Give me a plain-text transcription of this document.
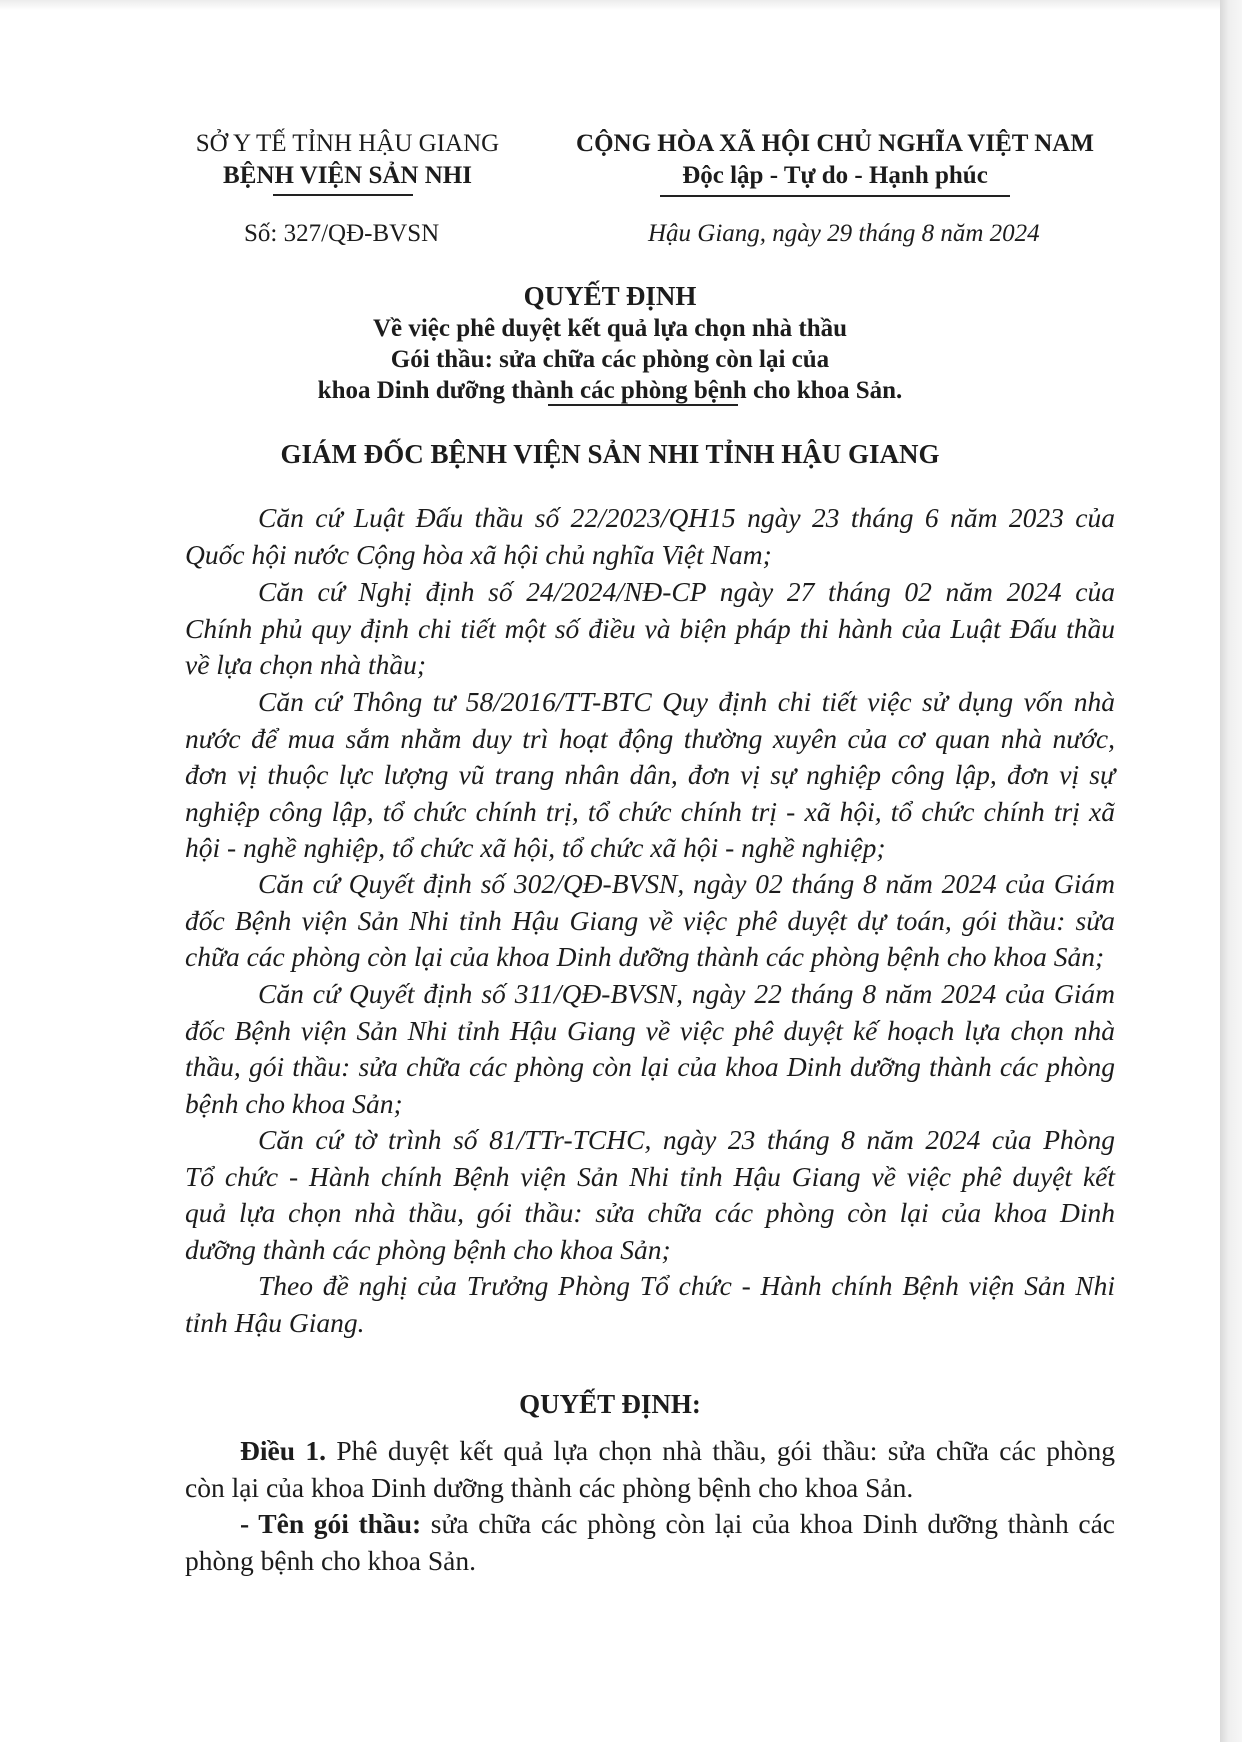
SỞ Y TẾ TỈNH HẬU GIANG
BỆNH VIỆN SẢN NHI
CỘNG HÒA XÃ HỘI CHỦ NGHĨA VIỆT NAM
Độc lập - Tự do - Hạnh phúc
Số: 327/QĐ-BVSN	Hậu Giang, ngày 29 tháng 8 năm 2024
QUYẾT ĐỊNH
Về việc phê duyệt kết quả lựa chọn nhà thầu
Gói thầu: sửa chữa các phòng còn lại của
khoa Dinh dưỡng thành các phòng bệnh cho khoa Sản.
GIÁM ĐỐC BỆNH VIỆN SẢN NHI TỈNH HẬU GIANG
Căn cứ Luật Đấu thầu số 22/2023/QH15 ngày 23 tháng 6 năm 2023 của
Quốc hội nước Cộng hòa xã hội chủ nghĩa Việt Nam;
Căn cứ Nghị định số 24/2024/NĐ-CP ngày 27 tháng 02 năm 2024 của
Chính phủ quy định chi tiết một số điều và biện pháp thi hành của Luật Đấu thầu
về lựa chọn nhà thầu;
Căn cứ Thông tư 58/2016/TT-BTC Quy định chi tiết việc sử dụng vốn nhà
nước để mua sắm nhằm duy trì hoạt động thường xuyên của cơ quan nhà nước,
đơn vị thuộc lực lượng vũ trang nhân dân, đơn vị sự nghiệp công lập, đơn vị sự
nghiệp công lập, tổ chức chính trị, tổ chức chính trị - xã hội, tổ chức chính trị xã
hội - nghề nghiệp, tổ chức xã hội, tổ chức xã hội - nghề nghiệp;
Căn cứ Quyết định số 302/QĐ-BVSN, ngày 02 tháng 8 năm 2024 của Giám
đốc Bệnh viện Sản Nhi tỉnh Hậu Giang về việc phê duyệt dự toán, gói thầu: sửa
chữa các phòng còn lại của khoa Dinh dưỡng thành các phòng bệnh cho khoa Sản;
Căn cứ Quyết định số 311/QĐ-BVSN, ngày 22 tháng 8 năm 2024 của Giám
đốc Bệnh viện Sản Nhi tỉnh Hậu Giang về việc phê duyệt kế hoạch lựa chọn nhà
thầu, gói thầu: sửa chữa các phòng còn lại của khoa Dinh dưỡng thành các phòng
bệnh cho khoa Sản;
Căn cứ tờ trình số 81/TTr-TCHC, ngày 23 tháng 8 năm 2024 của Phòng
Tổ chức - Hành chính Bệnh viện Sản Nhi tỉnh Hậu Giang về việc phê duyệt kết
quả lựa chọn nhà thầu, gói thầu: sửa chữa các phòng còn lại của khoa Dinh
dưỡng thành các phòng bệnh cho khoa Sản;
Theo đề nghị của Trưởng Phòng Tổ chức - Hành chính Bệnh viện Sản Nhi
tỉnh Hậu Giang.
QUYẾT ĐỊNH:
Điều 1. Phê duyệt kết quả lựa chọn nhà thầu, gói thầu: sửa chữa các phòng
còn lại của khoa Dinh dưỡng thành các phòng bệnh cho khoa Sản.
- Tên gói thầu: sửa chữa các phòng còn lại của khoa Dinh dưỡng thành các
phòng bệnh cho khoa Sản.
